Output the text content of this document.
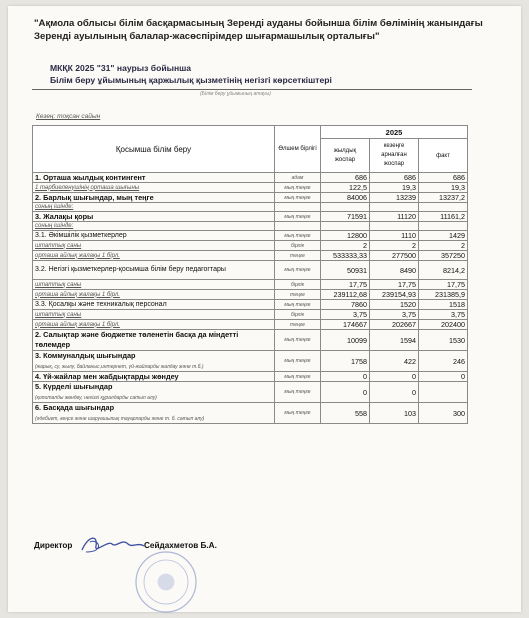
"Ақмола облысы білім басқармасының Зеренді ауданы бойынша білім бөлімінің жанындағы Зеренді ауылының балалар-жасөспірімдер шығармашылық орталығы"
МКҚК 2025 "31" наурыз бойынша
Білім беру ұйымының қаржылық қызметінің негізгі көрсеткіштері
(Білім беру ұйымының атауы)
Кезең: тоқсан сайын
Қосымша білім беру	Өлшем бірлігі	2025		
		жылдық жоспар	кезеңге арналған жоспар	факт
1. Орташа жылдық контингент	адам	686	686	686
1 тәрбиеленушінің орташа шығыны	мың теңге	122,5	19,3	19,3
2. Барлық шығындар, мың теңге	мың теңге	84006	13239	13237,2
соның ішінде:				
3. Жалақы қоры	мың теңге	71591	11120	11161,2
соның ішінде:				
3.1. Әкімшілік қызметкерлер	мың теңге	12800	1110	1429
штаттық саны	бірлік	2	2	2
орташа айлық жалақы 1 бірл.	теңге	533333,33	277500	357250
3.2. Негізгі қызметкерлер-қосымша білім беру педагогтары	мың теңге	50931	8490	8214,2
штаттық саны	бірлік	17,75	17,75	17,75
орташа айлық жалақы 1 бірл.	теңге	239112,68	239154,93	231385,9
3.3. Қосалқы және техникалық персонал	мың теңге	7860	1520	1518
штаттық саны	бірлік	3,75	3,75	3,75
орташа айлық жалақы 1 бірл.	теңге	174667	202667	202400
2. Салықтар және бюджетке төленетін басқа да міндетті төлемдер	мың теңге	10099	1594	1530
3. Коммуналдық шығындар
(жарық, су, жылу, байланыс,интернет, үй-жайларды жалдау және т.б.)	мың теңге	1758	422	246
4. Үй-жайлар мен жабдықтарды жөндеу	мың теңге	0	0	0
5. Күрделі шығындар
(қопиталды жөндеу, негізгі құралдарды сатып алу)	мың теңге	0	0	
6. Басқада шығындар
(әдебиет, кеңсе және шаруашылық тауарларды және т. б. сатып алу)	мың теңге	558	103	300
Директор	Сейдахметов Б.А.
